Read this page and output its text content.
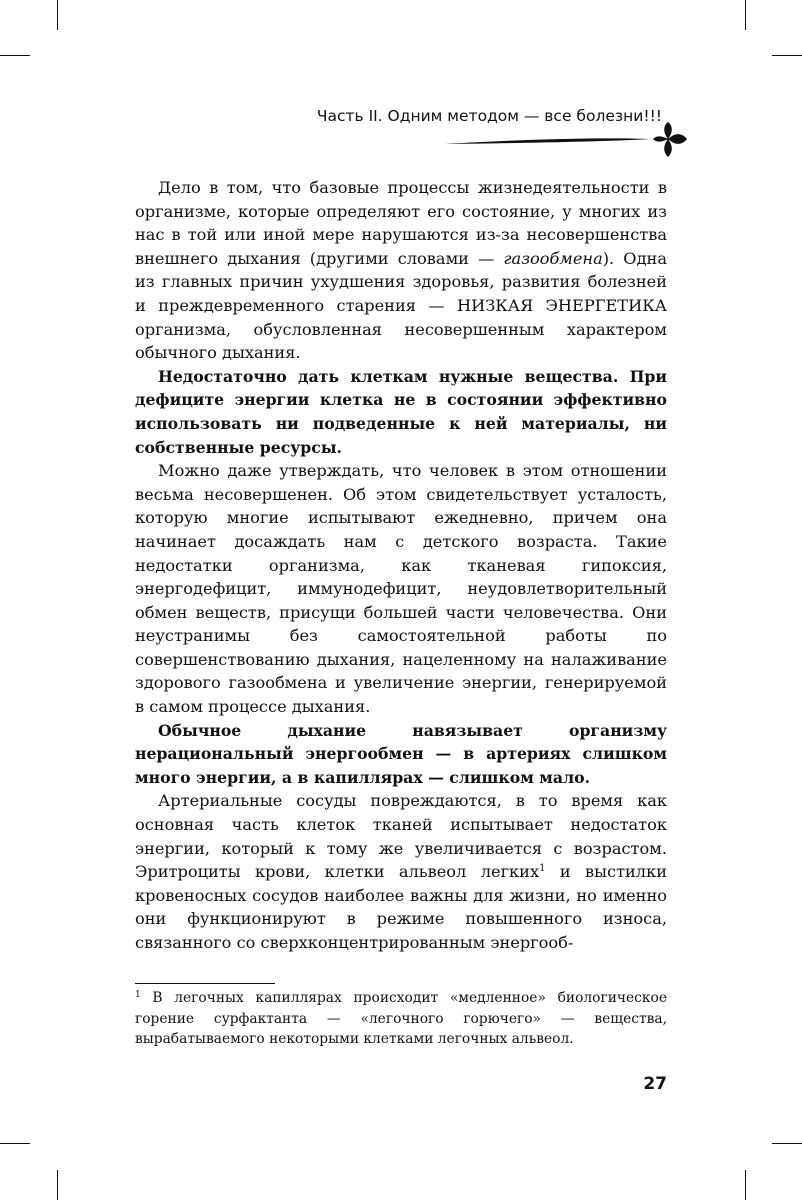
Часть II. Одним методом — все болезни!!!

Дело в том, что базовые процессы жизнедеятельности в организме, которые определяют его состояние, у многих из нас в той или иной мере нарушаются из-за несовершенства внешнего дыхания (другими словами — газообмена). Одна из главных причин ухудшения здоровья, развития болезней и преждевременного старения — НИЗКАЯ ЭНЕРГЕТИКА организма, обусловленная несовершенным характером обычного дыхания.

Недостаточно дать клеткам нужные вещества. При дефиците энергии клетка не в состоянии эффективно использовать ни подведенные к ней материалы, ни собственные ресурсы.

Можно даже утверждать, что человек в этом отношении весьма несовершенен. Об этом свидетельствует усталость, которую многие испытывают ежедневно, причем она начинает досаждать нам с детского возраста. Такие недостатки организма, как тканевая гипоксия, энергодефицит, иммунодефицит, неудовлетворительный обмен веществ, присущи большей части человечества. Они неустранимы без самостоятельной работы по совершенствованию дыхания, нацеленному на налаживание здорового газообмена и увеличение энергии, генерируемой в самом процессе дыхания.

Обычное дыхание навязывает организму нерациональный энергообмен — в артериях слишком много энергии, а в капиллярах — слишком мало.

Артериальные сосуды повреждаются, в то время как основная часть клеток тканей испытывает недостаток энергии, который к тому же увеличивается с возрастом. Эритроциты крови, клетки альвеол легких$^1$ и выстилки кровеносных сосудов наиболее важны для жизни, но именно они функционируют в режиме повышенного износа, связанного со сверхконцентрированным энергооб-

$^1$ В легочных капиллярах происходит «медленное» биологическое горение сурфактанта — «легочного горючего» — вещества, вырабатываемого некоторыми клетками легочных альвеол.

27
